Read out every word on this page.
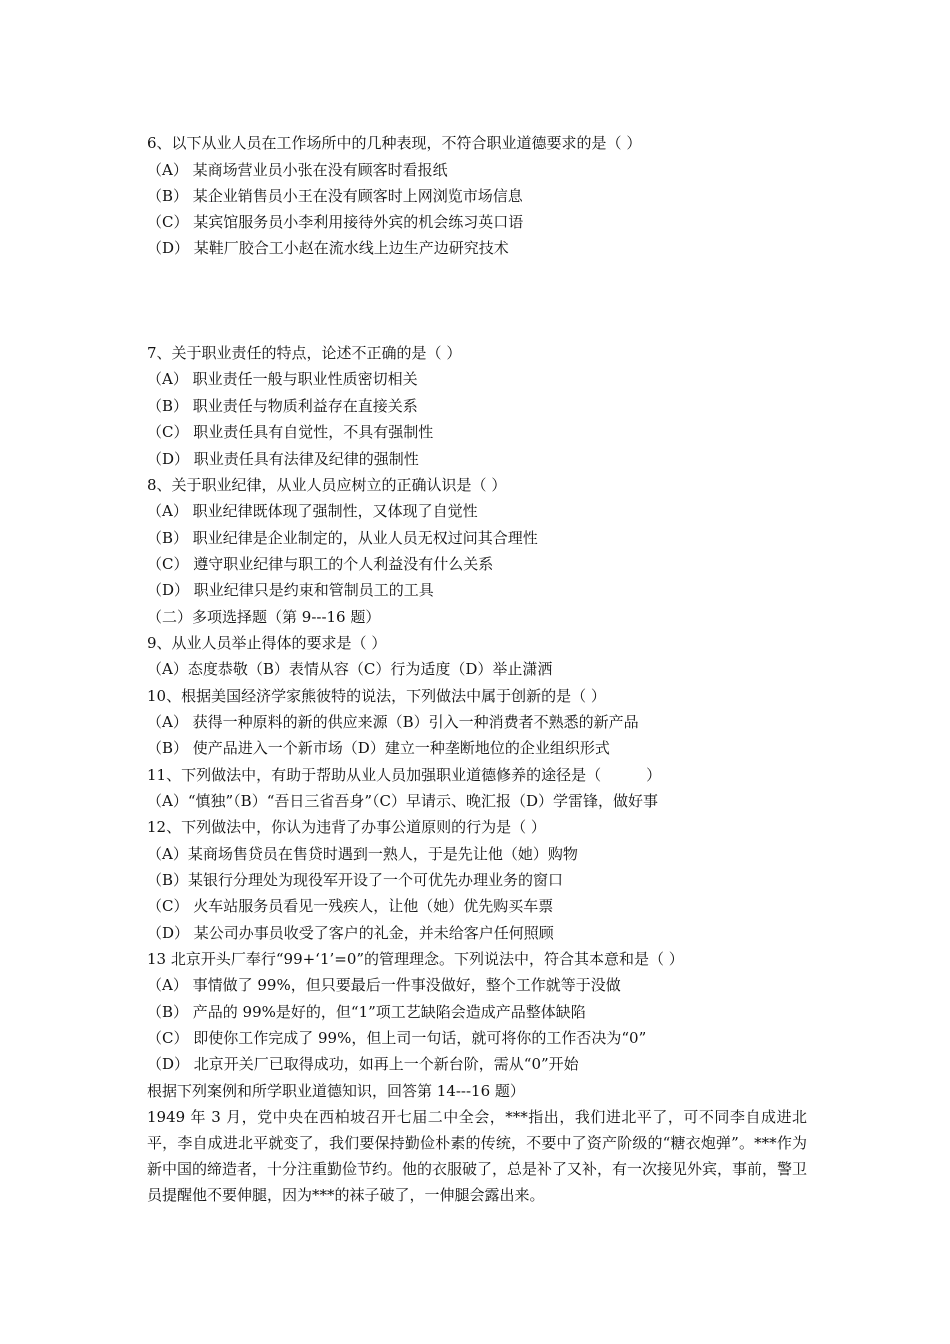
6、以下从业人员在工作场所中的几种表现，不符合职业道德要求的是（ ）
（A） 某商场营业员小张在没有顾客时看报纸
（B） 某企业销售员小王在没有顾客时上网浏览市场信息
（C） 某宾馆服务员小李利用接待外宾的机会练习英口语
（D） 某鞋厂胶合工小赵在流水线上边生产边研究技术
7、关于职业责任的特点，论述不正确的是（ ）
（A） 职业责任一般与职业性质密切相关
（B） 职业责任与物质利益存在直接关系
（C） 职业责任具有自觉性，不具有强制性
（D） 职业责任具有法律及纪律的强制性
8、关于职业纪律，从业人员应树立的正确认识是（ ）
（A） 职业纪律既体现了强制性，又体现了自觉性
（B） 职业纪律是企业制定的，从业人员无权过问其合理性
（C） 遵守职业纪律与职工的个人利益没有什么关系
（D） 职业纪律只是约束和管制员工的工具
（二）多项选择题（第 9---16 题）
9、从业人员举止得体的要求是（ ）
（A）态度恭敬（B）表情从容（C）行为适度（D）举止潇洒
10、根据美国经济学家熊彼特的说法，下列做法中属于创新的是（ ）
（A） 获得一种原料的新的供应来源（B）引入一种消费者不熟悉的新产品
（B） 使产品进入一个新市场（D）建立一种垄断地位的企业组织形式
11、下列做法中，有助于帮助从业人员加强职业道德修养的途径是（　　　）
（A）“慎独”（B）“吾日三省吾身”（C）早请示、晚汇报（D）学雷锋，做好事
12、下列做法中，你认为违背了办事公道原则的行为是（ ）
（A）某商场售贷员在售贷时遇到一熟人，于是先让他（她）购物
（B）某银行分理处为现役军开设了一个可优先办理业务的窗口
（C） 火车站服务员看见一残疾人，让他（她）优先购买车票
（D） 某公司办事员收受了客户的礼金，并未给客户任何照顾
13 北京开头厂奉行“99+‘1’=0”的管理理念。下列说法中，符合其本意和是（ ）
（A） 事情做了 99%，但只要最后一件事没做好，整个工作就等于没做
（B） 产品的 99%是好的，但“1”项工艺缺陷会造成产品整体缺陷
（C） 即使你工作完成了 99%，但上司一句话，就可将你的工作否决为“0”
（D） 北京开关厂已取得成功，如再上一个新台阶，需从“0”开始
根据下列案例和所学职业道德知识，回答第 14---16 题）
1949 年 3 月，党中央在西柏坡召开七届二中全会，***指出，我们进北平了，可不同李自成进北平，李自成进北平就变了，我们要保持勤俭朴素的传统，不要中了资产阶级的“糖衣炮弹”。***作为新中国的缔造者，十分注重勤俭节约。他的衣服破了，总是补了又补，有一次接见外宾，事前，警卫员提醒他不要伸腿，因为***的袜子破了，一伸腿会露出来。
